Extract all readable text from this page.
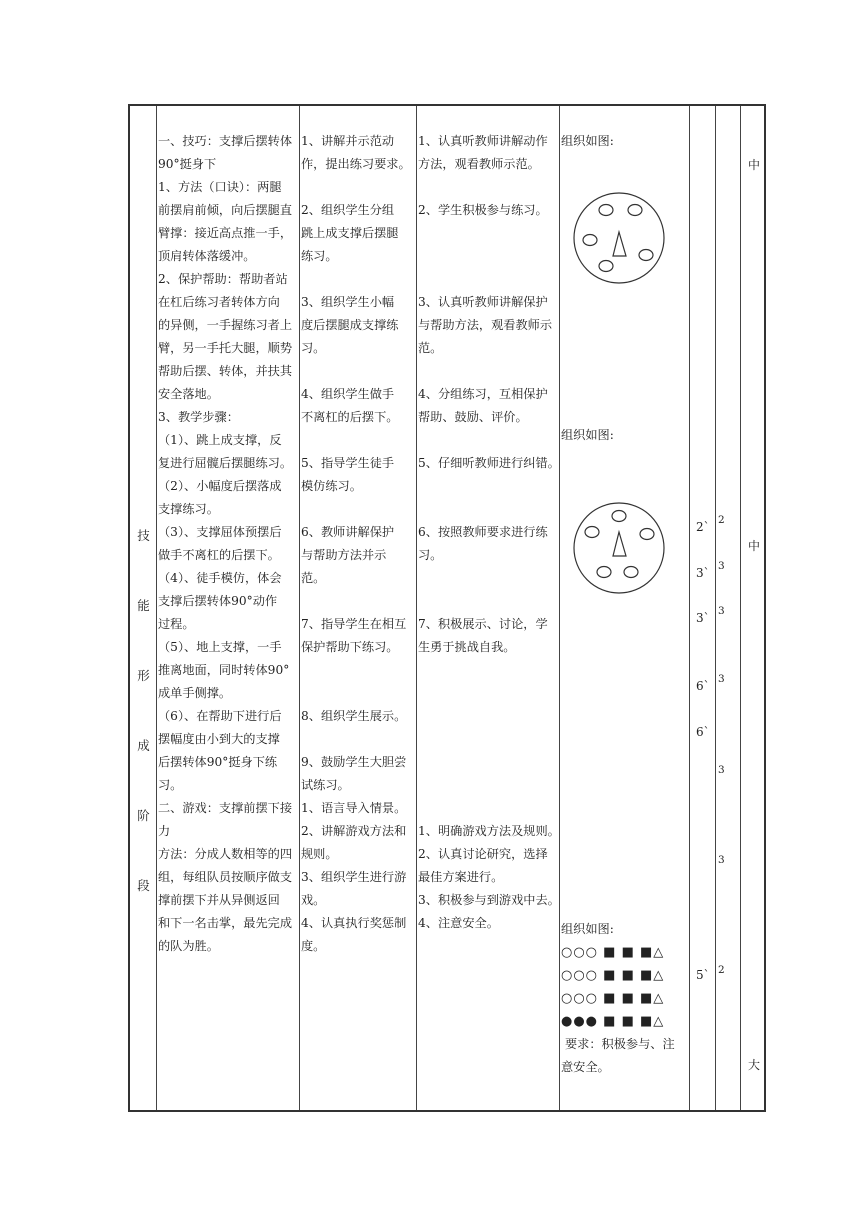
技
能
形
成
阶
段

一、技巧：支撑后摆转体

90°挺身下

1、方法（口诀）：两腿

前摆肩前倾，向后摆腿直

臂撑：接近高点推一手，

顶肩转体落缓冲。

2、保护帮助：帮助者站

在杠后练习者转体方向

的异侧，一手握练习者上

臂，另一手托大腿，顺势

帮助后摆、转体，并扶其

安全落地。

3、教学步骤：

（1）、跳上成支撑，反

复进行屈髋后摆腿练习。

（2）、小幅度后摆落成

支撑练习。

（3）、支撑屈体预摆后

做手不离杠的后摆下。

（4）、徒手模仿，体会

支撑后摆转体90°动作

过程。

（5）、地上支撑，一手

推离地面，同时转体90°

成单手侧撑。

（6）、在帮助下进行后

摆幅度由小到大的支撑

后摆转体90°挺身下练

习。

二、游戏：支撑前摆下接

力

方法：分成人数相等的四

组，每组队员按顺序做支

撑前摆下并从异侧返回

和下一名击掌，最先完成

的队为胜。

1、讲解并示范动

作，提出练习要求。

2、组织学生分组

跳上成支撑后摆腿

练习。

3、组织学生小幅

度后摆腿成支撑练

习。

4、组织学生做手

不离杠的后摆下。

5、指导学生徒手

模仿练习。

6、教师讲解保护

与帮助方法并示

范。

7、指导学生在相互

保护帮助下练习。

8、组织学生展示。

9、鼓励学生大胆尝

试练习。

1、语言导入情景。

2、讲解游戏方法和

规则。

3、组织学生进行游

戏。

4、认真执行奖惩制

度。

1、认真听教师讲解动作

方法，观看教师示范。

2、学生积极参与练习。

3、认真听教师讲解保护

与帮助方法，观看教师示

范。

4、分组练习，互相保护

帮助、鼓励、评价。

5、仔细听教师进行纠错。

6、按照教师要求进行练

习。

7、积极展示、讨论，学

生勇于挑战自我。

1、明确游戏方法及规则。

2、认真讨论研究，选择

最佳方案进行。

3、积极参与到游戏中去。

4、注意安全。

组织如图:
组织如图:

组织如图:

○○○ ■ ■ ■△
○○○ ■ ■ ■△
○○○ ■ ■ ■△
●●● ■ ■ ■△

要求：积极参与、注

意安全。

2`
3`
3`
6`
6`
5`
2
3
3
3
3
3
2
中
中
大
